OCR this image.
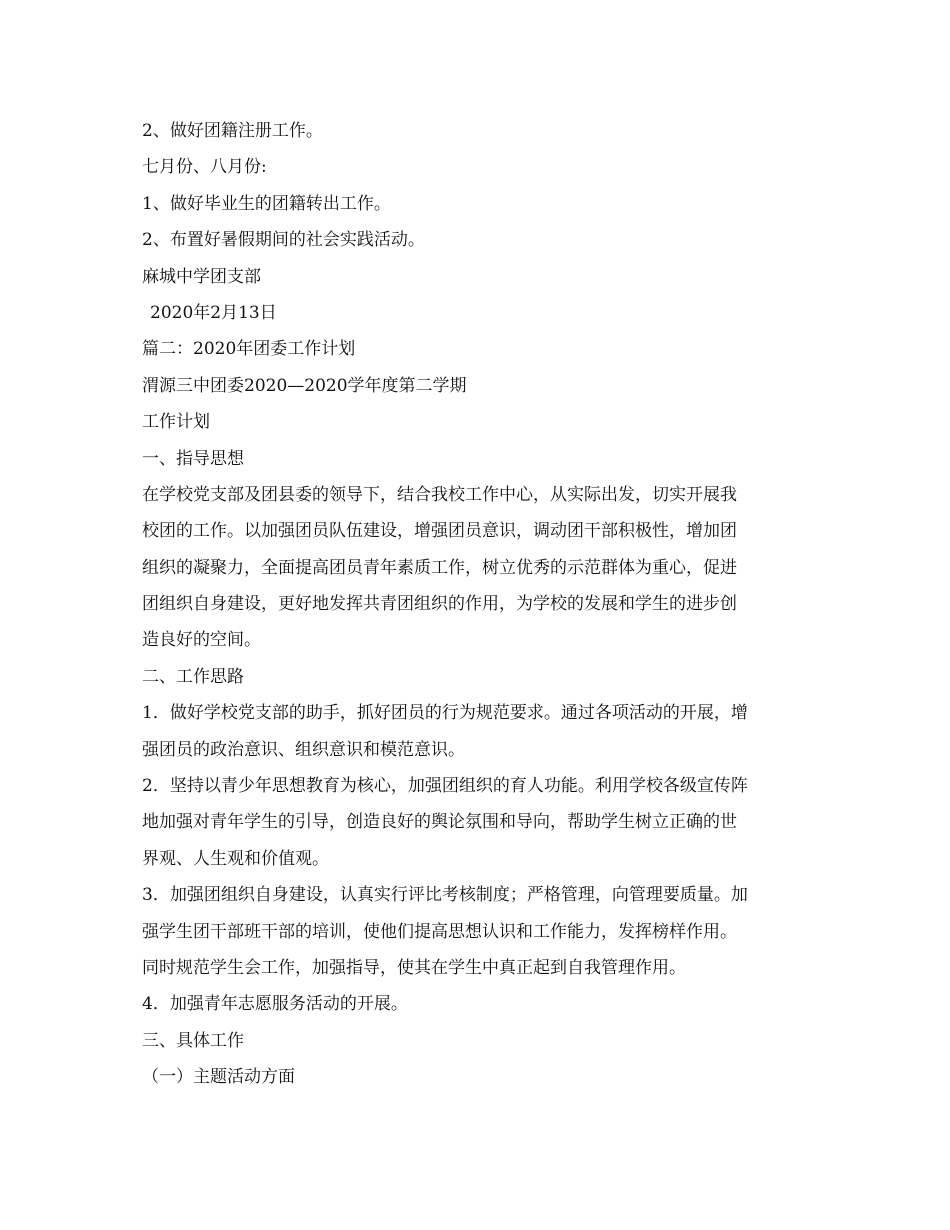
2、做好团籍注册工作。

七月份、八月份:

1、做好毕业生的团籍转出工作。

2、布置好暑假期间的社会实践活动。

麻城中学团支部

2020年2月13日

篇二：2020年团委工作计划

渭源三中团委2020—2020学年度第二学期

工作计划

一、指导思想

在学校党支部及团县委的领导下，结合我校工作中心，从实际出发，切实开展我

校团的工作。以加强团员队伍建设，增强团员意识，调动团干部积极性，增加团

组织的凝聚力，全面提高团员青年素质工作，树立优秀的示范群体为重心，促进

团组织自身建设，更好地发挥共青团组织的作用，为学校的发展和学生的进步创

造良好的空间。

二、工作思路

1．做好学校党支部的助手，抓好团员的行为规范要求。通过各项活动的开展，增

强团员的政治意识、组织意识和模范意识。

2．坚持以青少年思想教育为核心，加强团组织的育人功能。利用学校各级宣传阵

地加强对青年学生的引导，创造良好的舆论氛围和导向，帮助学生树立正确的世

界观、人生观和价值观。

3．加强团组织自身建设，认真实行评比考核制度；严格管理，向管理要质量。加

强学生团干部班干部的培训，使他们提高思想认识和工作能力，发挥榜样作用。

同时规范学生会工作，加强指导，使其在学生中真正起到自我管理作用。

4．加强青年志愿服务活动的开展。

三、具体工作

（一）主题活动方面
